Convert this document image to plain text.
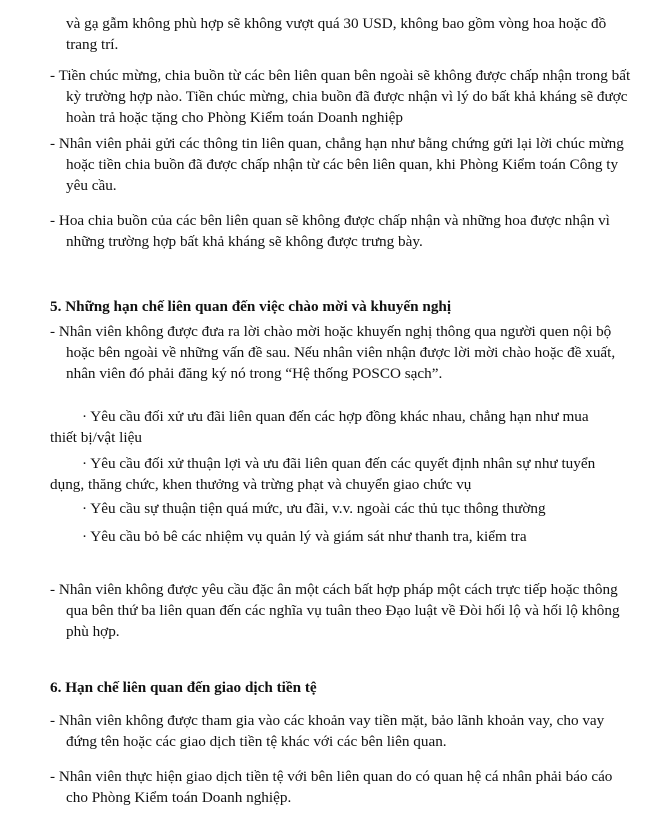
và gạ gẫm không phù hợp sẽ không vượt quá 30 USD, không bao gồm vòng hoa hoặc đồ trang trí.

- Tiền chúc mừng, chia buồn từ các bên liên quan bên ngoài sẽ không được chấp nhận trong bất kỳ trường hợp nào. Tiền chúc mừng, chia buồn đã được nhận vì lý do bất khả kháng sẽ được hoàn trả hoặc tặng cho Phòng Kiểm toán Doanh nghiệp

- Nhân viên phải gửi các thông tin liên quan, chẳng hạn như bằng chứng gửi lại lời chúc mừng hoặc tiền chia buồn đã được chấp nhận từ các bên liên quan, khi Phòng Kiểm toán Công ty yêu cầu.

- Hoa chia buồn của các bên liên quan sẽ không được chấp nhận và những hoa được nhận vì những trường hợp bất khả kháng sẽ không được trưng bày.

5. Những hạn chế liên quan đến việc chào mời và khuyến nghị

- Nhân viên không được đưa ra lời chào mời hoặc khuyến nghị thông qua người quen nội bộ hoặc bên ngoài về những vấn đề sau. Nếu nhân viên nhận được lời mời chào hoặc đề xuất, nhân viên đó phải đăng ký nó trong “Hệ thống POSCO sạch”.

· Yêu cầu đối xử ưu đãi liên quan đến các hợp đồng khác nhau, chẳng hạn như mua thiết bị/vật liệu

· Yêu cầu đối xử thuận lợi và ưu đãi liên quan đến các quyết định nhân sự như tuyển dụng, thăng chức, khen thưởng và trừng phạt và chuyển giao chức vụ

· Yêu cầu sự thuận tiện quá mức, ưu đãi, v.v. ngoài các thủ tục thông thường

· Yêu cầu bỏ bê các nhiệm vụ quản lý và giám sát như thanh tra, kiểm tra

- Nhân viên không được yêu cầu đặc ân một cách bất hợp pháp một cách trực tiếp hoặc thông qua bên thứ ba liên quan đến các nghĩa vụ tuân theo Đạo luật về Đòi hối lộ và hối lộ không phù hợp.

6. Hạn chế liên quan đến giao dịch tiền tệ

- Nhân viên không được tham gia vào các khoản vay tiền mặt, bảo lãnh khoản vay, cho vay đứng tên hoặc các giao dịch tiền tệ khác với các bên liên quan.

- Nhân viên thực hiện giao dịch tiền tệ với bên liên quan do có quan hệ cá nhân phải báo cáo cho Phòng Kiểm toán Doanh nghiệp.
